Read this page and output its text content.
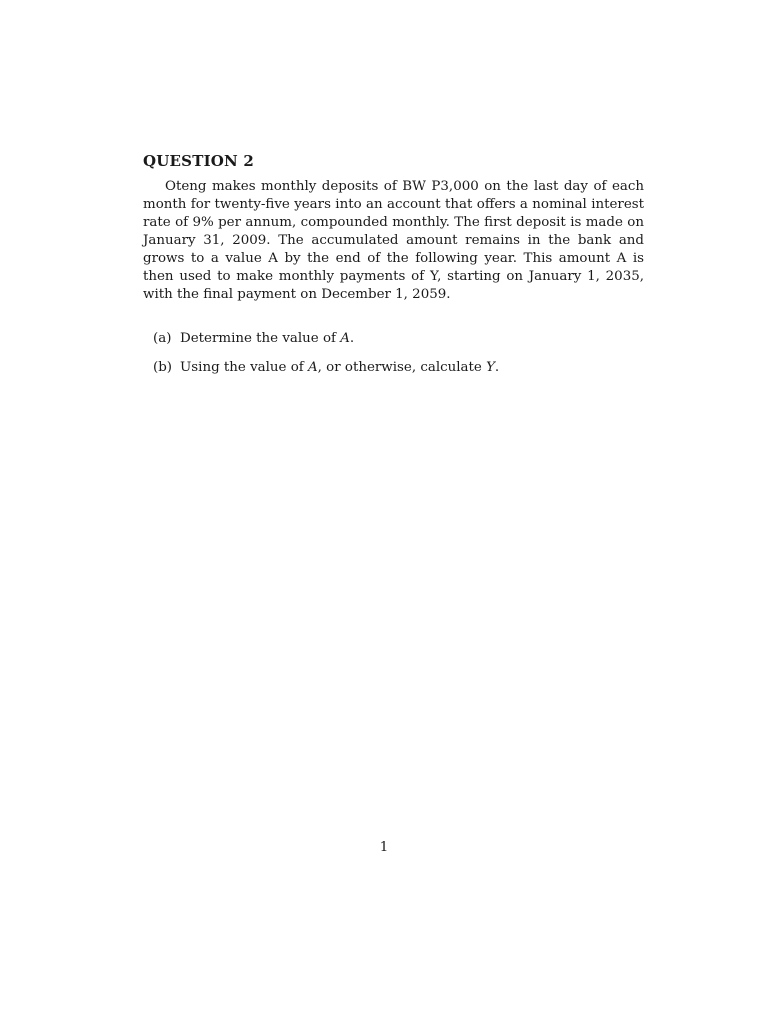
QUESTION 2

Oteng makes monthly deposits of BW P3,000 on the last day of each month for twenty-five years into an account that offers a nominal interest rate of 9% per annum, compounded monthly. The first deposit is made on January 31, 2009. The accumulated amount remains in the bank and grows to a value A by the end of the following year. This amount A is then used to make monthly payments of Y, starting on January 1, 2035, with the final payment on December 1, 2059.

(a) Determine the value of A.
(b) Using the value of A, or otherwise, calculate Y.

1
